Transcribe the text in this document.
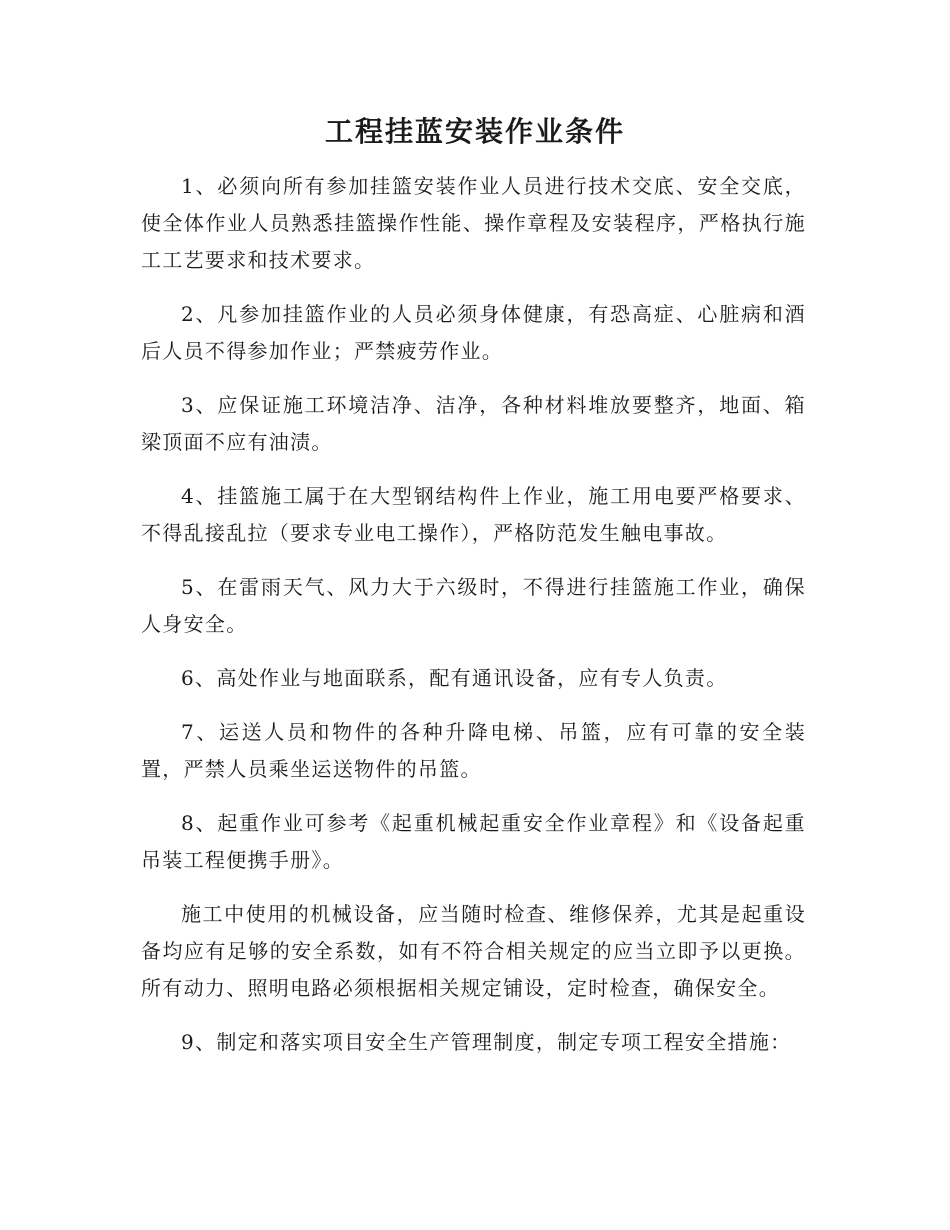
工程挂蓝安装作业条件

1、必须向所有参加挂篮安装作业人员进行技术交底、安全交底，使全体作业人员熟悉挂篮操作性能、操作章程及安装程序，严格执行施工工艺要求和技术要求。

2、凡参加挂篮作业的人员必须身体健康，有恐高症、心脏病和酒后人员不得参加作业；严禁疲劳作业。

3、应保证施工环境洁净、洁净，各种材料堆放要整齐，地面、箱梁顶面不应有油渍。

4、挂篮施工属于在大型钢结构件上作业，施工用电要严格要求、不得乱接乱拉（要求专业电工操作），严格防范发生触电事故。

5、在雷雨天气、风力大于六级时，不得进行挂篮施工作业，确保人身安全。

6、高处作业与地面联系，配有通讯设备，应有专人负责。

7、运送人员和物件的各种升降电梯、吊篮，应有可靠的安全装置，严禁人员乘坐运送物件的吊篮。

8、起重作业可参考《起重机械起重安全作业章程》和《设备起重吊装工程便携手册》。

施工中使用的机械设备，应当随时检查、维修保养，尤其是起重设备均应有足够的安全系数，如有不符合相关规定的应当立即予以更换。所有动力、照明电路必须根据相关规定铺设，定时检查，确保安全。

9、制定和落实项目安全生产管理制度，制定专项工程安全措施：
